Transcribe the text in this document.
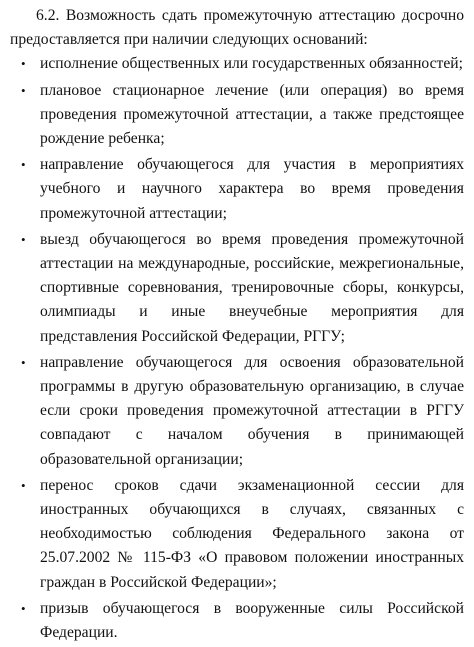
6.2. Возможность сдать промежуточную аттестацию досрочно предоставляется при наличии следующих оснований:

• исполнение общественных или государственных обязанностей;
• плановое стационарное лечение (или операция) во время проведения промежуточной аттестации, а также предстоящее рождение ребенка;
• направление обучающегося для участия в мероприятиях учебного и научного характера во время проведения промежуточной аттестации;
• выезд обучающегося во время проведения промежуточной аттестации на международные, российские, межрегиональные, спортивные соревнования, тренировочные сборы, конкурсы, олимпиады и иные внеучебные мероприятия для представления Российской Федерации, РГГУ;
• направление обучающегося для освоения образовательной программы в другую образовательную организацию, в случае если сроки проведения промежуточной аттестации в РГГУ совпадают с началом обучения в принимающей образовательной организации;
• перенос сроков сдачи экзаменационной сессии для иностранных обучающихся в случаях, связанных с необходимостью соблюдения Федерального закона от 25.07.2002 № 115-ФЗ «О правовом положении иностранных граждан в Российской Федерации»;
• призыв обучающегося в вооруженные силы Российской Федерации.
